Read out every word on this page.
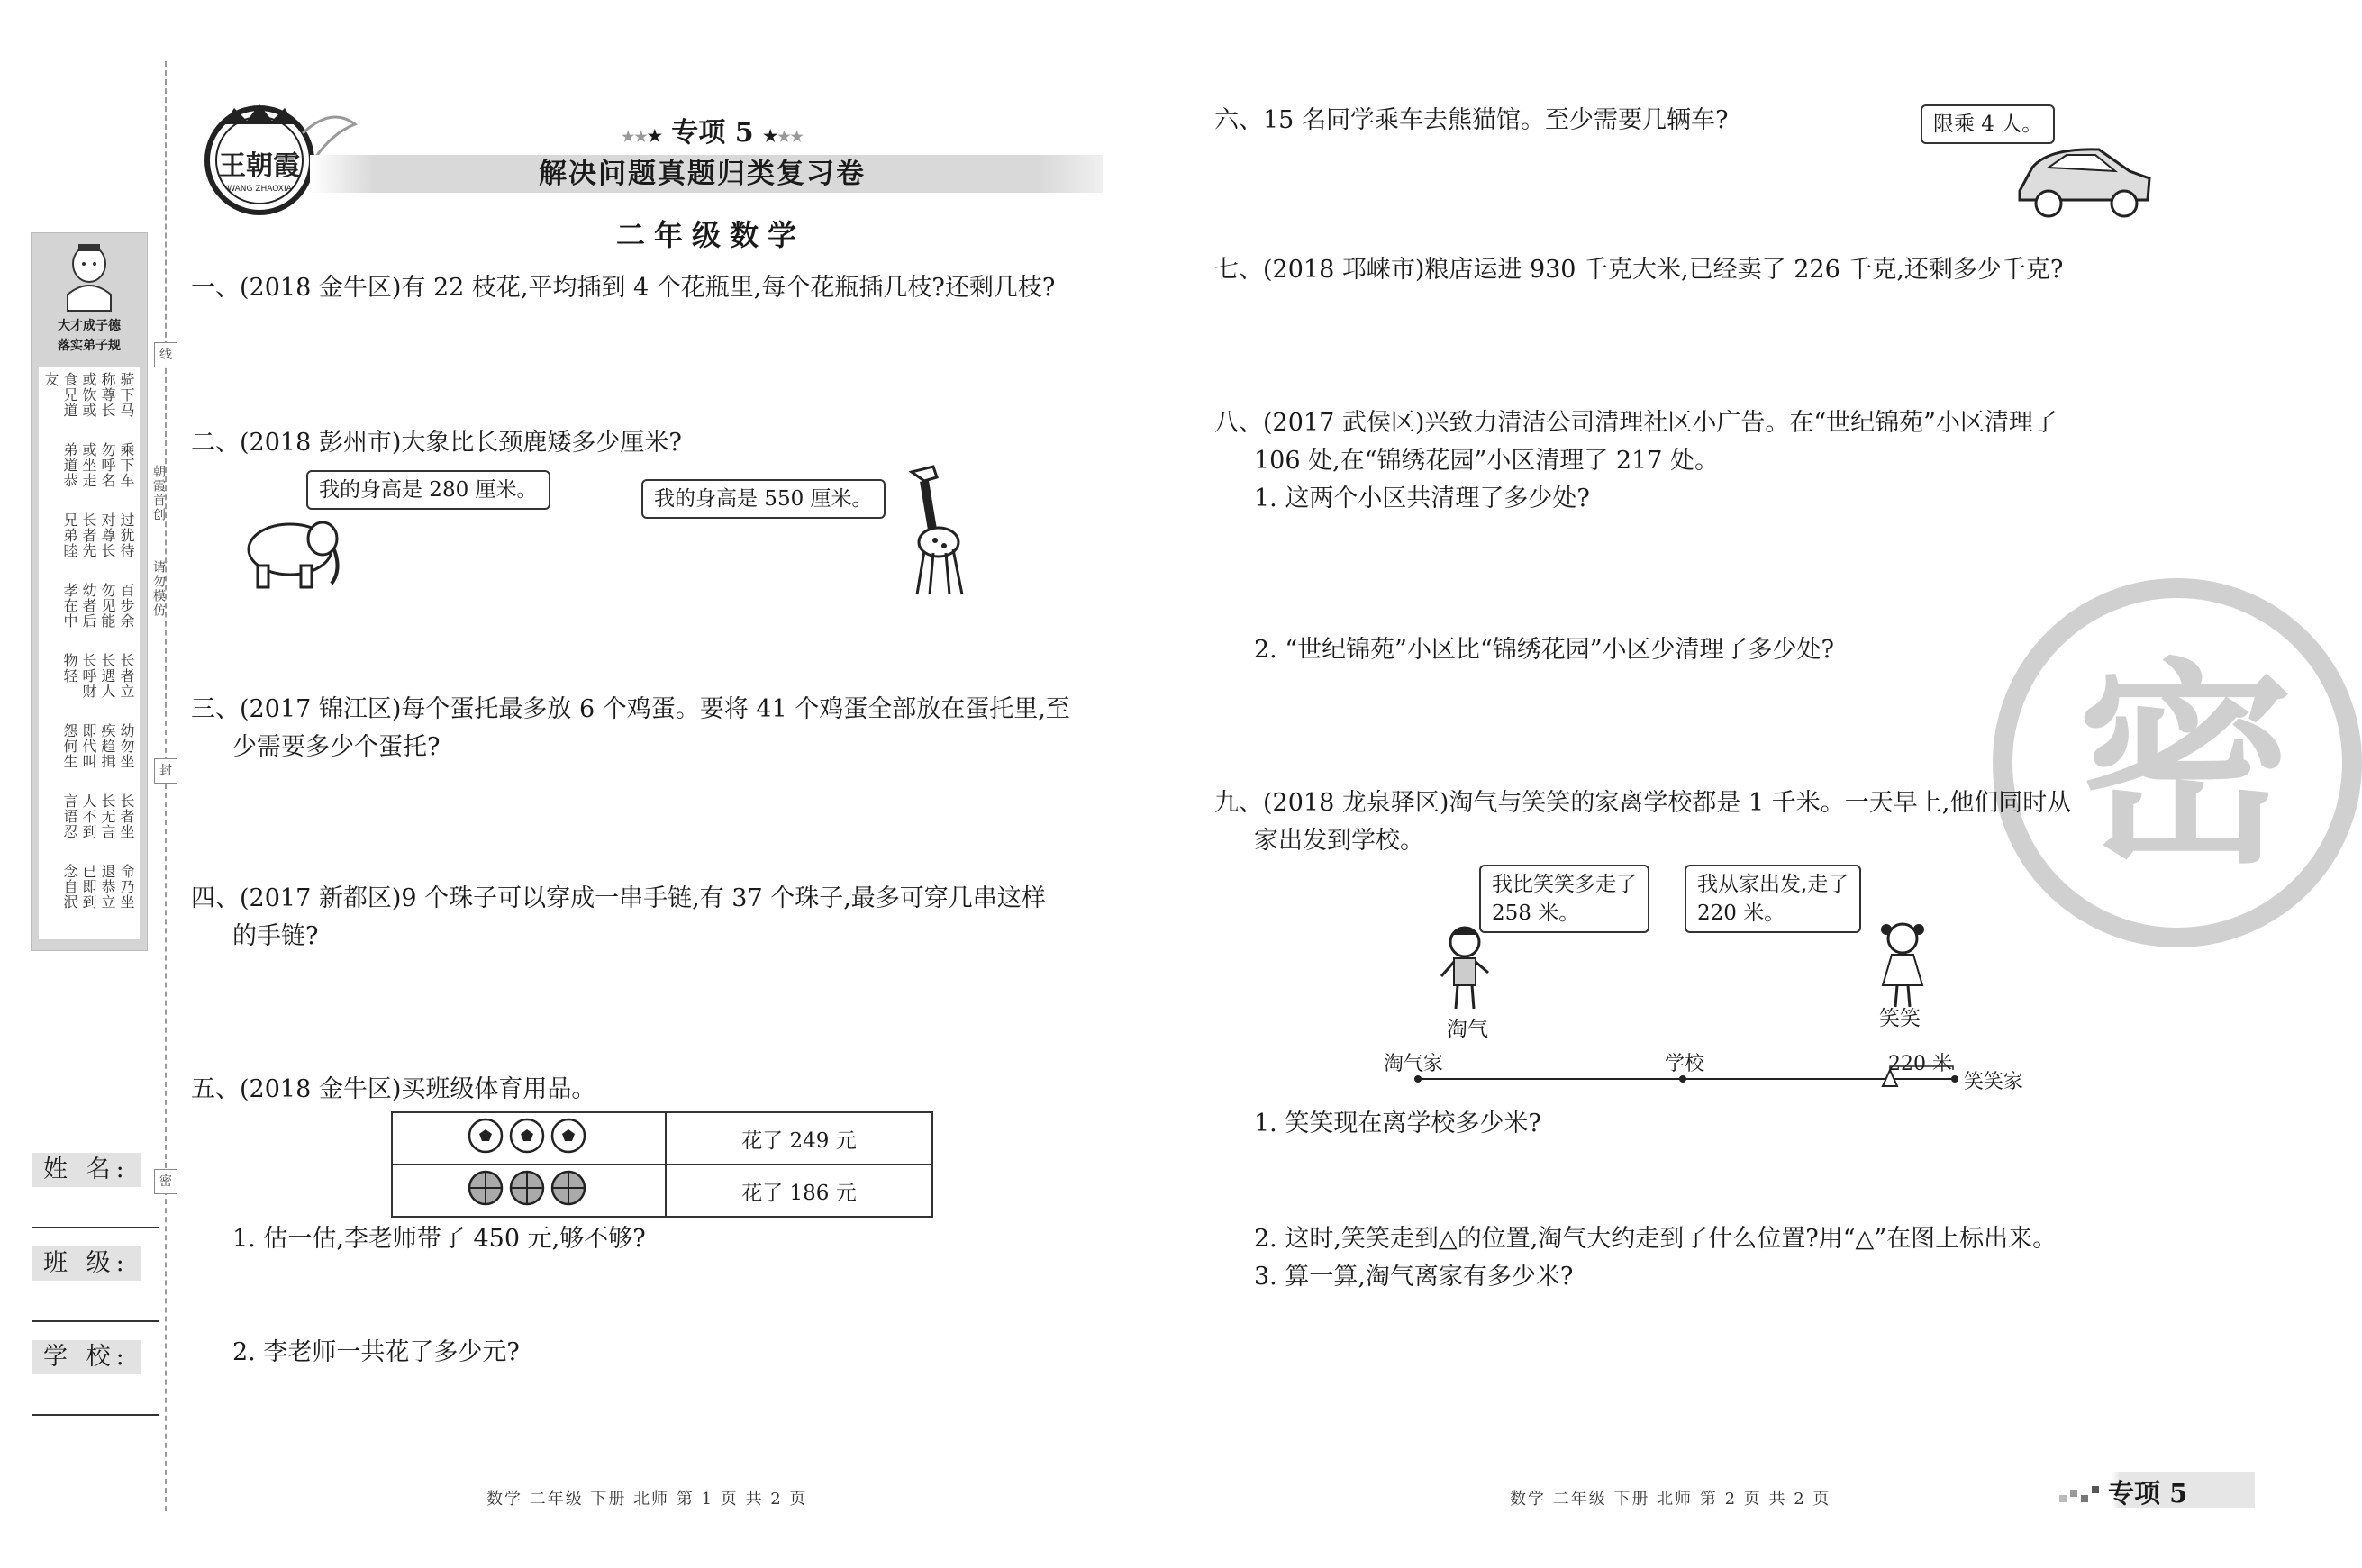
大才成子德
落实弟子规
骑下马称尊长或饮或食兄道友
乘下车勿呼名或坐走弟道恭
过犹待对尊长长者先兄弟睦
百步余勿见能幼者后孝在中
长者立长遇人长呼财物轻
幼勿坐疾趋揖即代叫怨何生
长者坐长无言人不到言语忍
命乃坐退恭立已即到念自泯
线
封
密
朝霞首创
请勿模仿
姓 名:
班 级:
学 校:
王朝霞
WANG ZHAOXIA
★★★ 专项 5 ★★★
解决问题真题归类复习卷
二年级数学
一、(2018 金牛区)有 22 枝花,平均插到 4 个花瓶里,每个花瓶插几枝?还剩几枝?
二、(2018 彭州市)大象比长颈鹿矮多少厘米?
我的身高是 280 厘米。	我的身高是 550 厘米。
三、(2017 锦江区)每个蛋托最多放 6 个鸡蛋。要将 41 个鸡蛋全部放在蛋托里,至
少需要多少个蛋托?
四、(2017 新都区)9 个珠子可以穿成一串手链,有 37 个珠子,最多可穿几串这样
的手链?
五、(2018 金牛区)买班级体育用品。
	花了 249 元
	花了 186 元
1. 估一估,李老师带了 450 元,够不够?
2. 李老师一共花了多少元?
数学 二年级 下册 北师 第 1 页 共 2 页
六、15 名同学乘车去熊猫馆。至少需要几辆车?	限乘 4 人。
七、(2018 邛崃市)粮店运进 930 千克大米,已经卖了 226 千克,还剩多少千克?
八、(2017 武侯区)兴致力清洁公司清理社区小广告。在“世纪锦苑”小区清理了
106 处,在“锦绣花园”小区清理了 217 处。
1. 这两个小区共清理了多少处?
2. “世纪锦苑”小区比“锦绣花园”小区少清理了多少处? 密
九、(2018 龙泉驿区)淘气与笑笑的家离学校都是 1 千米。一天早上,他们同时从
家出发到学校。
我比笑笑多走了
258 米。
我从家出发,走了
220 米。
淘气	笑笑
淘气家	学校	220 米
笑笑家
1. 笑笑现在离学校多少米?
2. 这时,笑笑走到△的位置,淘气大约走到了什么位置?用“△”在图上标出来。
3. 算一算,淘气离家有多少米?
数学 二年级 下册 北师 第 2 页 共 2 页	专项 5
